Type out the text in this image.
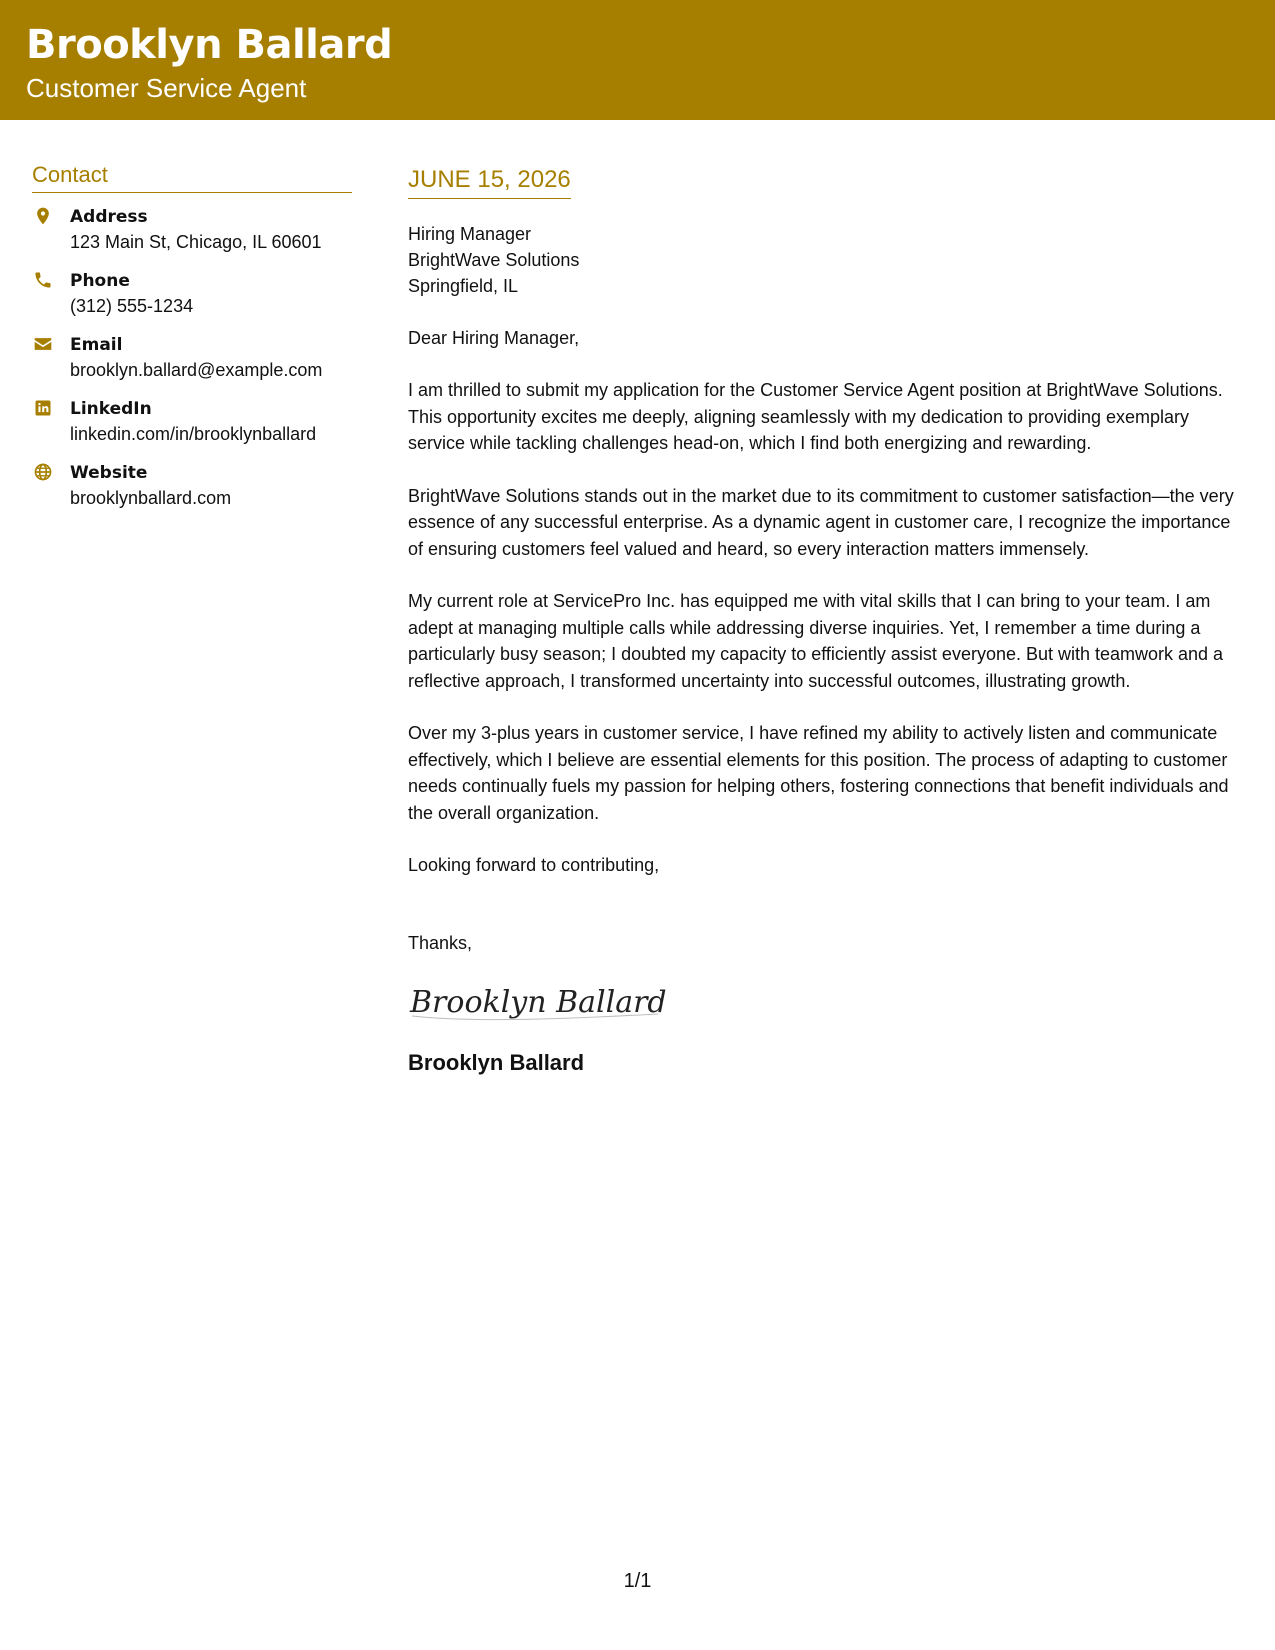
Brooklyn Ballard
Customer Service Agent
Contact
Address
123 Main St, Chicago, IL 60601
Phone
(312) 555-1234
Email
brooklyn.ballard@example.com
LinkedIn
linkedin.com/in/brooklynballard
Website
brooklynballard.com
JUNE 15, 2026
Hiring Manager
BrightWave Solutions
Springfield, IL
Dear Hiring Manager,
I am thrilled to submit my application for the Customer Service Agent position at BrightWave Solutions. This opportunity excites me deeply, aligning seamlessly with my dedication to providing exemplary service while tackling challenges head-on, which I find both energizing and rewarding.
BrightWave Solutions stands out in the market due to its commitment to customer satisfaction—the very essence of any successful enterprise. As a dynamic agent in customer care, I recognize the importance of ensuring customers feel valued and heard, so every interaction matters immensely.
My current role at ServicePro Inc. has equipped me with vital skills that I can bring to your team. I am adept at managing multiple calls while addressing diverse inquiries. Yet, I remember a time during a particularly busy season; I doubted my capacity to efficiently assist everyone. But with teamwork and a reflective approach, I transformed uncertainty into successful outcomes, illustrating growth.
Over my 3-plus years in customer service, I have refined my ability to actively listen and communicate effectively, which I believe are essential elements for this position. The process of adapting to customer needs continually fuels my passion for helping others, fostering connections that benefit individuals and the overall organization.
Looking forward to contributing,
Thanks,
Brooklyn Ballard
Brooklyn Ballard
1/1
